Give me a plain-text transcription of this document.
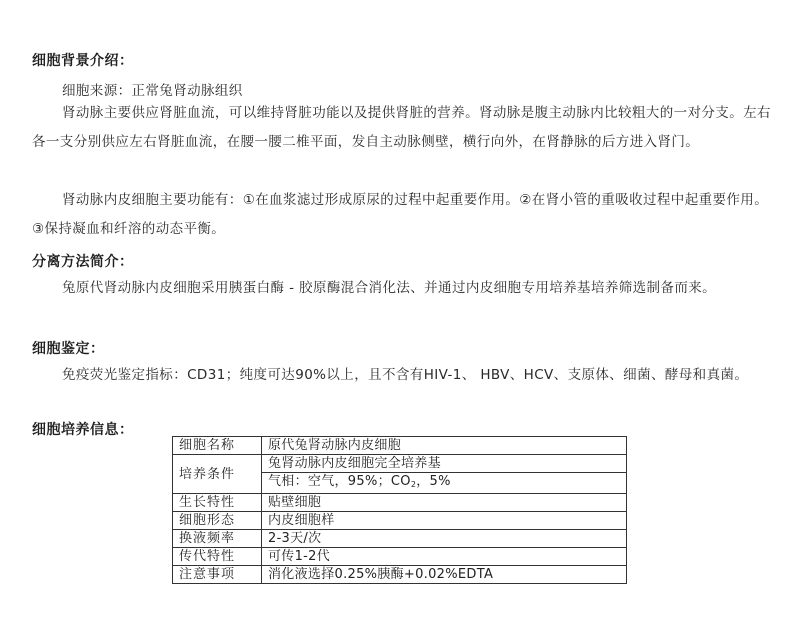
细胞背景介绍：
细胞来源：正常兔肾动脉组织
肾动脉主要供应肾脏血流，可以维持肾脏功能以及提供肾脏的营养。肾动脉是腹主动脉内比较粗大的一对分支。左右各一支分别供应左右肾脏血流，在腰一腰二椎平面，发自主动脉侧壁，横行向外，在肾静脉的后方进入肾门。
肾动脉内皮细胞主要功能有：①在血浆滤过形成原尿的过程中起重要作用。②在肾小管的重吸收过程中起重要作用。③保持凝血和纤溶的动态平衡。
分离方法简介：
兔原代肾动脉内皮细胞采用胰蛋白酶 - 胶原酶混合消化法、并通过内皮细胞专用培养基培养筛选制备而来。
细胞鉴定：
免疫荧光鉴定指标：CD31；纯度可达90%以上，且不含有HIV-1、 HBV、HCV、支原体、细菌、酵母和真菌。
细胞培养信息：
细胞名称	原代兔肾动脉内皮细胞
培养条件	兔肾动脉内皮细胞完全培养基
	气相：空气，95%；$CO_2$，5%
生长特性	贴壁细胞
细胞形态	内皮细胞样
换液频率	2-3天/次
传代特性	可传1-2代
注意事项	消化液选择0.25%胰酶+0.02%EDTA
